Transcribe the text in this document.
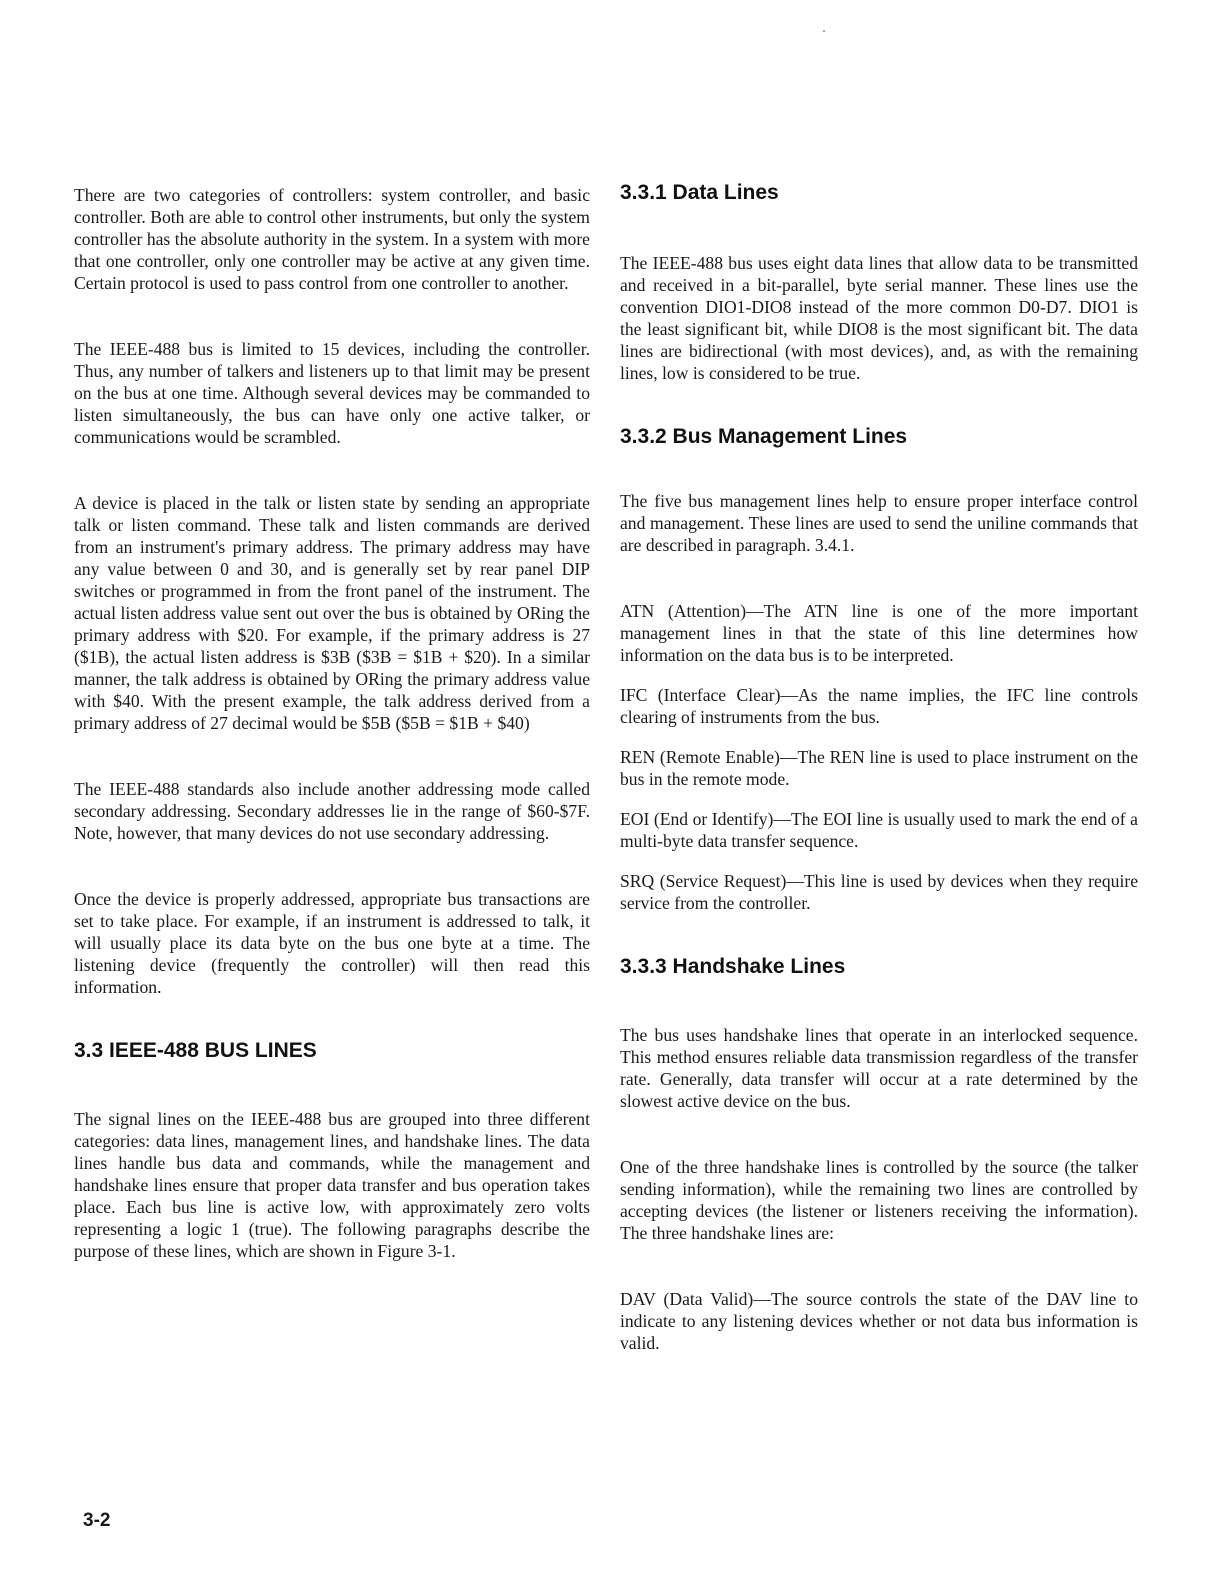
There are two categories of controllers: system controller, and basic controller. Both are able to control other instruments, but only the system controller has the absolute authority in the system. In a system with more that one controller, only one controller may be active at any given time. Certain protocol is used to pass control from one controller to another.

The IEEE-488 bus is limited to 15 devices, including the controller. Thus, any number of talkers and listeners up to that limit may be present on the bus at one time. Although several devices may be commanded to listen simultaneously, the bus can have only one active talker, or communications would be scrambled.

A device is placed in the talk or listen state by sending an appropriate talk or listen command. These talk and listen commands are derived from an instrument's primary address. The primary address may have any value between 0 and 30, and is generally set by rear panel DIP switches or programmed in from the front panel of the instrument. The actual listen address value sent out over the bus is obtained by ORing the primary address with $20. For example, if the primary address is 27 ($1B), the actual listen address is $3B ($3B = $1B + $20). In a similar manner, the talk address is obtained by ORing the primary address value with $40. With the present example, the talk address derived from a primary address of 27 decimal would be $5B ($5B = $1B + $40)

The IEEE-488 standards also include another addressing mode called secondary addressing. Secondary addresses lie in the range of $60-$7F. Note, however, that many devices do not use secondary addressing.

Once the device is properly addressed, appropriate bus transactions are set to take place. For example, if an instrument is addressed to talk, it will usually place its data byte on the bus one byte at a time. The listening device (frequently the controller) will then read this information.

3.3 IEEE-488 BUS LINES

The signal lines on the IEEE-488 bus are grouped into three different categories: data lines, management lines, and handshake lines. The data lines handle bus data and commands, while the management and handshake lines ensure that proper data transfer and bus operation takes place. Each bus line is active low, with approximately zero volts representing a logic 1 (true). The following paragraphs describe the purpose of these lines, which are shown in Figure 3-1.

3.3.1 Data Lines

The IEEE-488 bus uses eight data lines that allow data to be transmitted and received in a bit-parallel, byte serial manner. These lines use the convention DIO1-DIO8 instead of the more common D0-D7. DIO1 is the least significant bit, while DIO8 is the most significant bit. The data lines are bidirectional (with most devices), and, as with the remaining lines, low is considered to be true.

3.3.2 Bus Management Lines

The five bus management lines help to ensure proper interface control and management. These lines are used to send the uniline commands that are described in paragraph. 3.4.1.

ATN (Attention)—The ATN line is one of the more important management lines in that the state of this line determines how information on the data bus is to be interpreted.

IFC (Interface Clear)—As the name implies, the IFC line controls clearing of instruments from the bus.

REN (Remote Enable)—The REN line is used to place instrument on the bus in the remote mode.

EOI (End or Identify)—The EOI line is usually used to mark the end of a multi-byte data transfer sequence.

SRQ (Service Request)—This line is used by devices when they require service from the controller.

3.3.3 Handshake Lines

The bus uses handshake lines that operate in an interlocked sequence. This method ensures reliable data transmission regardless of the transfer rate. Generally, data transfer will occur at a rate determined by the slowest active device on the bus.

One of the three handshake lines is controlled by the source (the talker sending information), while the remaining two lines are controlled by accepting devices (the listener or listeners receiving the information). The three handshake lines are:

DAV (Data Valid)—The source controls the state of the DAV line to indicate to any listening devices whether or not data bus information is valid.

3-2
